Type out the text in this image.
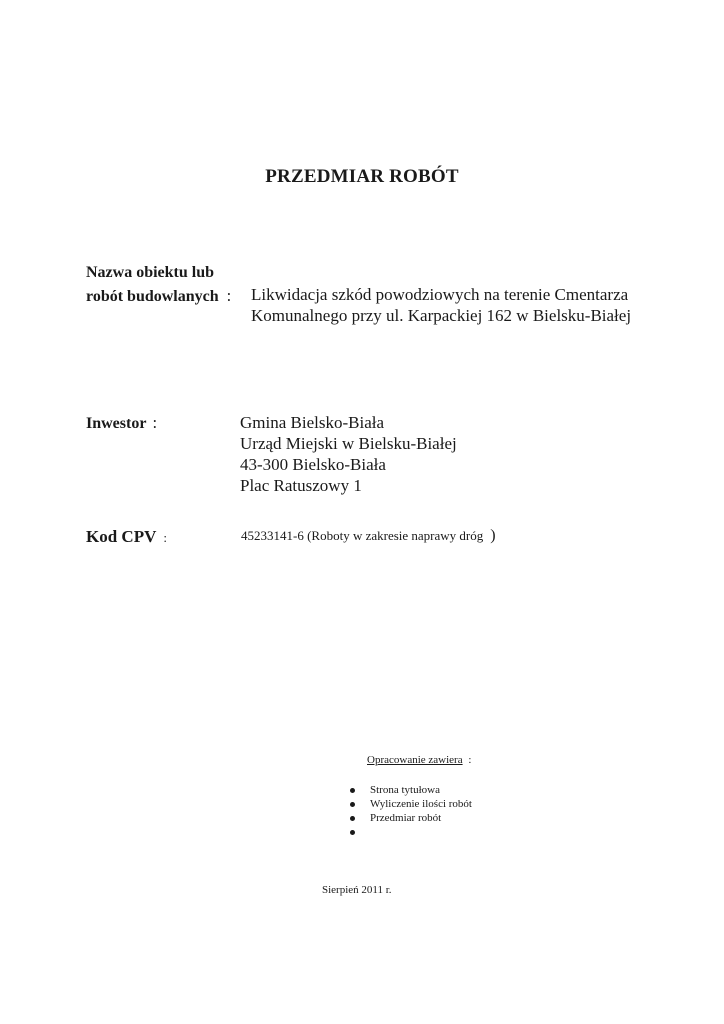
PRZEDMIAR ROBÓT
Nazwa obiektu lub
robót budowlanych : Likwidacja szkód powodziowych na terenie Cmentarza
Komunalnego przy ul. Karpackiej 162 w Bielsku-Białej
Inwestor :	Gmina Bielsko-Biała
Urząd Miejski w Bielsku-Białej
43-300 Bielsko-Biała
Plac Ratuszowy 1
Kod CPV :	45233141-6 (Roboty w zakresie naprawy dróg )
Opracowanie zawiera :
Strona tytułowa
Wyliczenie ilości robót
Przedmiar robót
Sierpień 2011 r.
